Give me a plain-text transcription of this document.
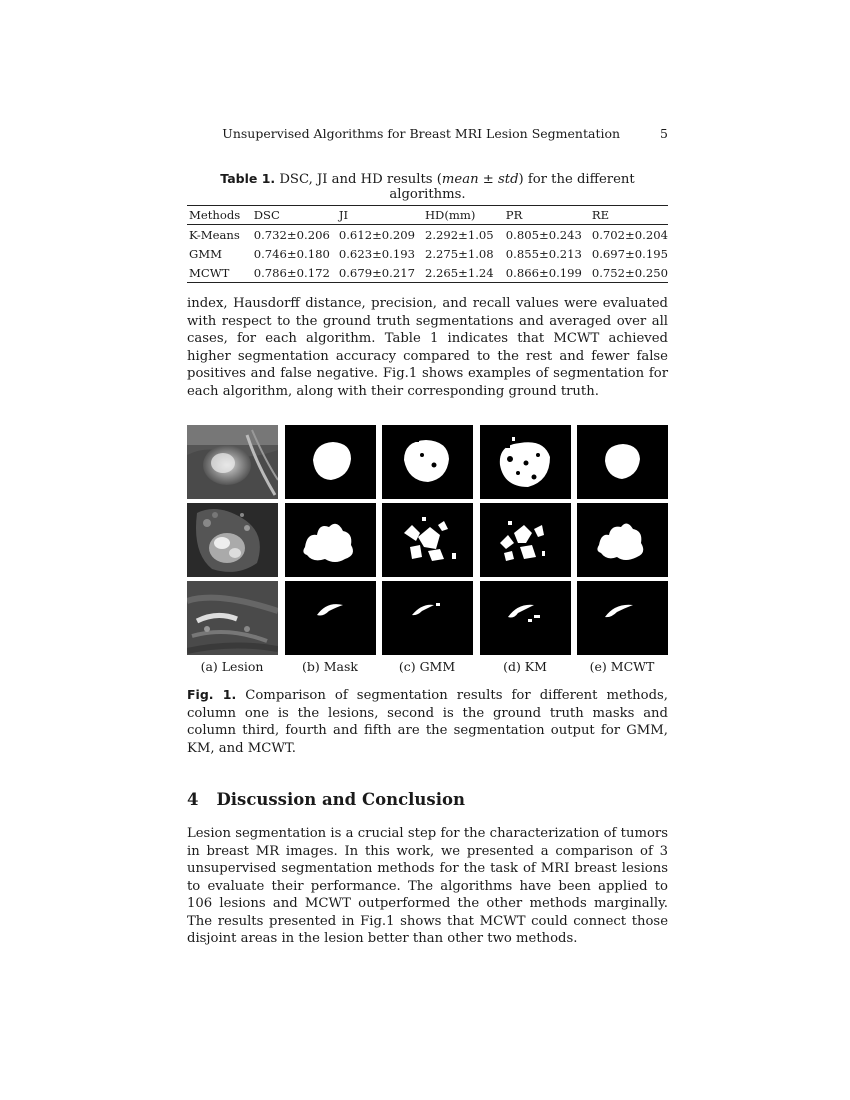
Unsupervised Algorithms for Breast MRI Lesion Segmentation	5
Table 1. DSC, JI and HD results (mean ± std) for the different algorithms.
Methods	DSC	JI	HD(mm)	PR	RE
K-Means	0.732±0.206	0.612±0.209	2.292±1.05	0.805±0.243	0.702±0.204
GMM	0.746±0.180	0.623±0.193	2.275±1.08	0.855±0.213	0.697±0.195
MCWT	0.786±0.172	0.679±0.217	2.265±1.24	0.866±0.199	0.752±0.250

index, Hausdorff distance, precision, and recall values were evaluated with respect to the ground truth segmentations and averaged over all cases, for each algorithm. Table 1 indicates that MCWT achieved higher segmentation accuracy compared to the rest and fewer false positives and false negative. Fig.1 shows examples of segmentation for each algorithm, along with their corresponding ground truth.

(a) Lesion	(b) Mask	(c) GMM	(d) KM	(e) MCWT

Fig. 1. Comparison of segmentation results for different methods, column one is the lesions, second is the ground truth masks and column third, fourth and fifth are the segmentation output for GMM, KM, and MCWT.

4 Discussion and Conclusion

Lesion segmentation is a crucial step for the characterization of tumors in breast MR images. In this work, we presented a comparison of 3 unsupervised segmentation methods for the task of MRI breast lesions to evaluate their performance. The algorithms have been applied to 106 lesions and MCWT outperformed the other methods marginally. The results presented in Fig.1 shows that MCWT could connect those disjoint areas in the lesion better than other two methods.
